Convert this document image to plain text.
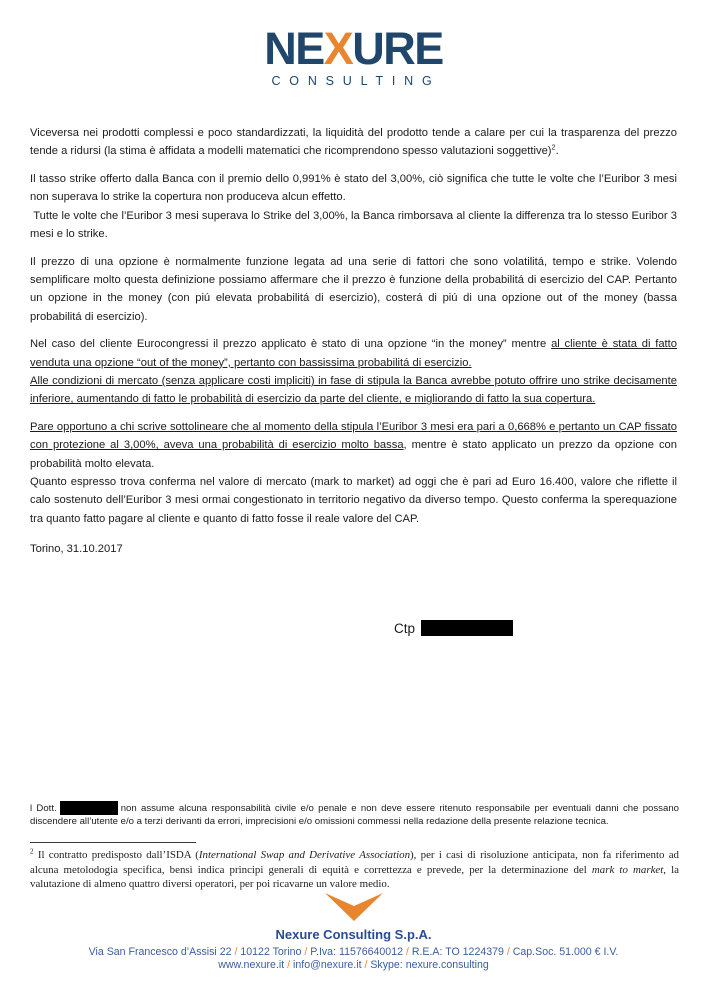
NEXURE
CONSULTING

Viceversa nei prodotti complessi e poco standardizzati, la liquidità del prodotto tende a calare per cui la trasparenza del prezzo tende a ridursi (la stima è affidata a modelli matematici che ricomprendono spesso valutazioni soggettive)$^2$.

Il tasso strike offerto dalla Banca con il premio dello 0,991% è stato del 3,00%, ciò significa che tutte le volte che l’Euribor 3 mesi non superava lo strike la copertura non produceva alcun effetto.
Tutte le volte che l’Euribor 3 mesi superava lo Strike del 3,00%, la Banca rimborsava al cliente la differenza tra lo stesso Euribor 3 mesi e lo strike.

Il prezzo di una opzione è normalmente funzione legata ad una serie di fattori che sono volatilitá, tempo e strike. Volendo semplificare molto questa definizione possiamo affermare che il prezzo è funzione della probabilitá di esercizio del CAP. Pertanto un opzione in the money (con piú elevata probabilitá di esercizio), costerá di piú di una opzione out of the money (bassa probabilitá di esercizio).

Nel caso del cliente Eurocongressi il prezzo applicato è stato di una opzione “in the money” mentre al cliente è stata di fatto venduta una opzione “out of the money”, pertanto con bassissima probabilitá di esercizio.
Alle condizioni di mercato (senza applicare costi impliciti) in fase di stipula la Banca avrebbe potuto offrire uno strike decisamente inferiore, aumentando di fatto le probabilità di esercizio da parte del cliente, e migliorando di fatto la sua copertura.

Pare opportuno a chi scrive sottolineare che al momento della stipula l’Euribor 3 mesi era pari a 0,668% e pertanto un CAP fissato con protezione al 3,00%, aveva una probabilità di esercizio molto bassa, mentre è stato applicato un prezzo da opzione con probabilità molto elevata.
Quanto espresso trova conferma nel valore di mercato (mark to market) ad oggi che è pari ad Euro 16.400, valore che riflette il calo sostenuto dell’Euribor 3 mesi ormai congestionato in territorio negativo da diverso tempo. Questo conferma la sperequazione tra quanto fatto pagare al cliente e quanto di fatto fosse il reale valore del CAP.

Torino, 31.10.2017

Ctp
l Dott.	non assume alcuna responsabilità civile e/o penale e non deve essere ritenuto responsabile per eventuali danni che possano discendere all’utente e/o a terzi derivanti da errori, imprecisioni e/o omissioni commessi nella redazione della presente relazione tecnica.
$^2$ Il contratto predisposto dall’ISDA (International Swap and Derivative Association), per i casi di risoluzione anticipata, non fa riferimento ad alcuna metolodogia specifica, bensì indica principi generali di equità e correttezza e prevede, per la determinazione del mark to market, la valutazione di almeno quattro diversi operatori, per poi ricavarne un valore medio.
Nexure Consulting S.p.A.
Via San Francesco d’Assisi 22 / 10122 Torino / P.Iva: 11576640012 / R.E.A: TO 1224379 / Cap.Soc. 51.000 € I.V.
www.nexure.it / info@nexure.it / Skype: nexure.consulting
